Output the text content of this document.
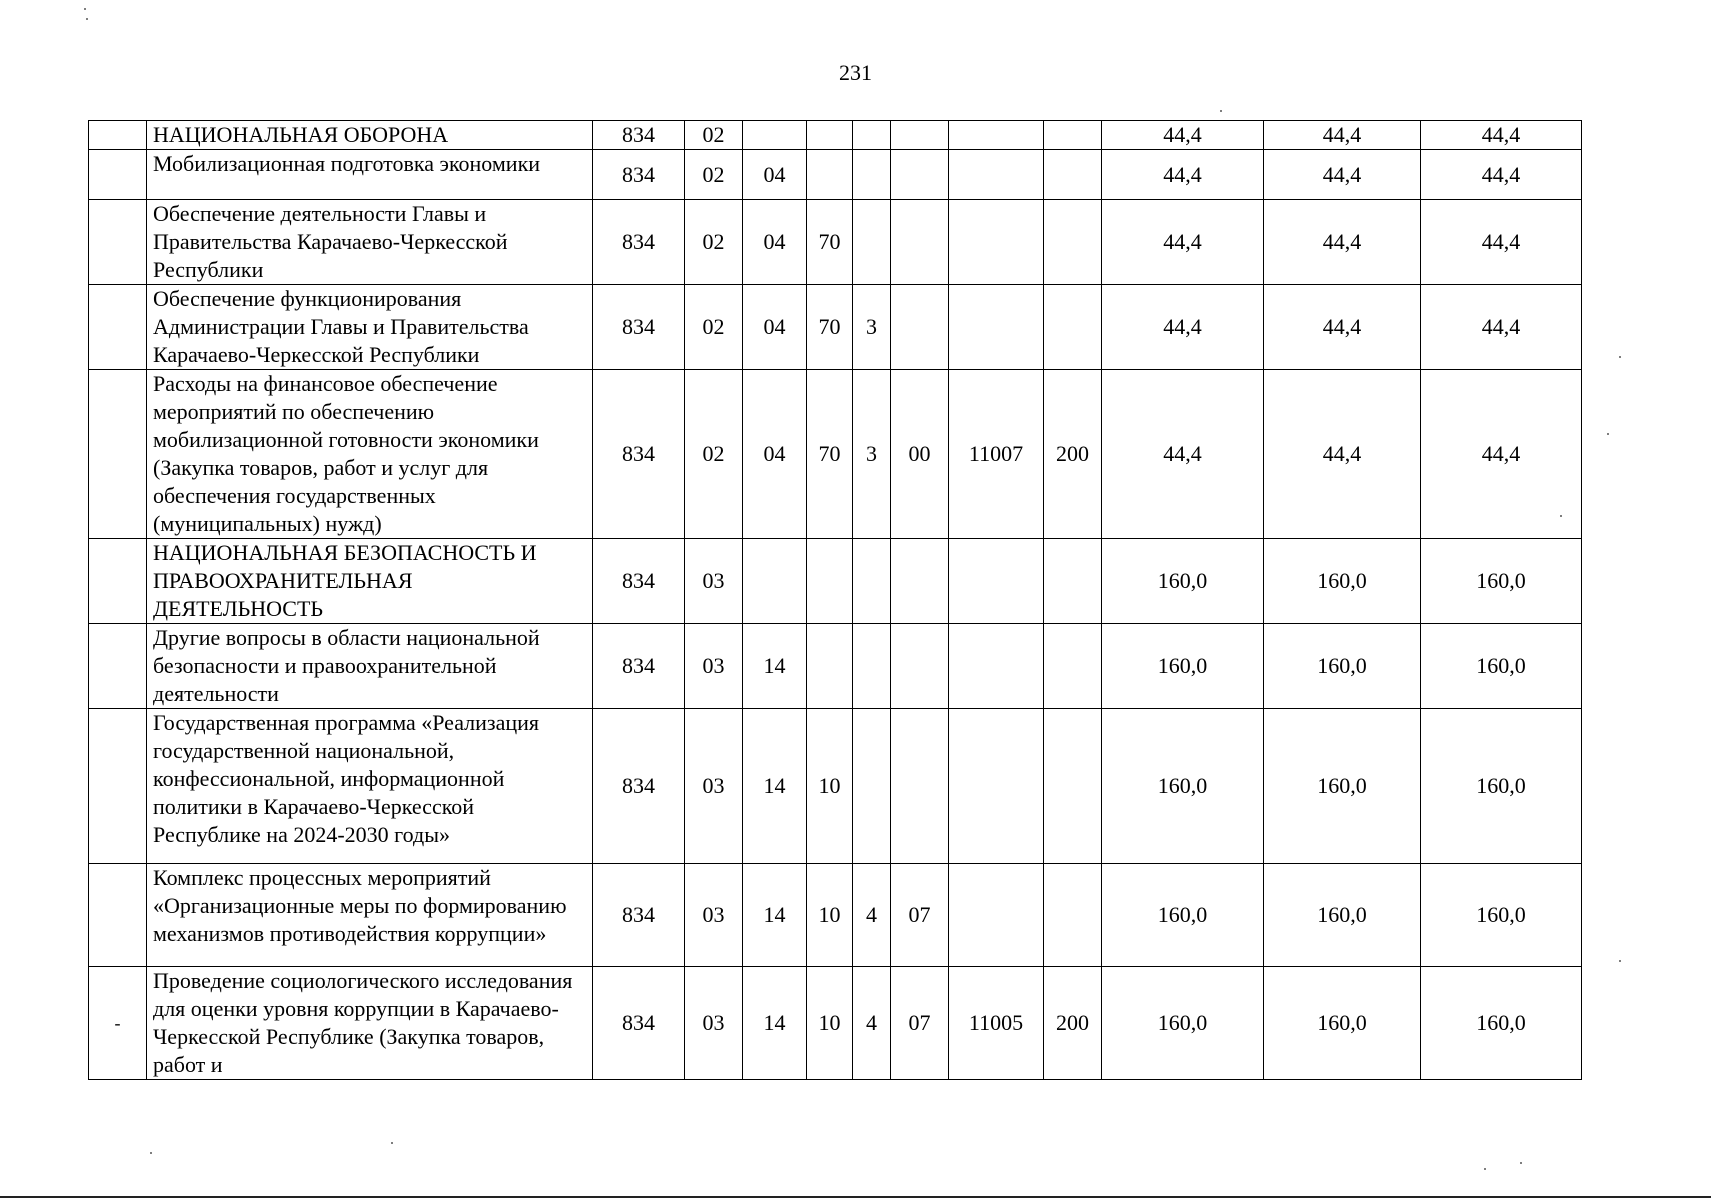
231
	НАЦИОНАЛЬНАЯ ОБОРОНА	834	02							44,4	44,4	44,4
	Мобилизационная подготовка экономики	834	02	04						44,4	44,4	44,4
	Обеспечение деятельности Главы и Правительства Карачаево-Черкесской Республики	834	02	04	70					44,4	44,4	44,4
	Обеспечение функционирования Администрации Главы и Правительства Карачаево-Черкесской Республики	834	02	04	70	3				44,4	44,4	44,4
	Расходы на финансовое обеспечение мероприятий по обеспечению мобилизационной готовности экономики (Закупка товаров, работ и услуг для обеспечения государственных (муниципальных) нужд)	834	02	04	70	3	00	11007	200	44,4	44,4	44,4
	НАЦИОНАЛЬНАЯ БЕЗОПАСНОСТЬ И ПРАВООХРАНИТЕЛЬНАЯ ДЕЯТЕЛЬНОСТЬ	834	03							160,0	160,0	160,0
	Другие вопросы в области национальной безопасности и правоохранительной деятельности	834	03	14						160,0	160,0	160,0
	Государственная программа «Реализация государственной национальной, конфессиональной, информационной политики в Карачаево-Черкесской Республике на 2024-2030 годы»	834	03	14	10					160,0	160,0	160,0
	Комплекс процессных мероприятий «Организационные меры по формированию механизмов противодействия коррупции»	834	03	14	10	4	07			160,0	160,0	160,0
-	Проведение социологического исследования для оценки уровня коррупции в Карачаево-Черкесской Республике (Закупка товаров, работ и	834	03	14	10	4	07	11005	200	160,0	160,0	160,0
